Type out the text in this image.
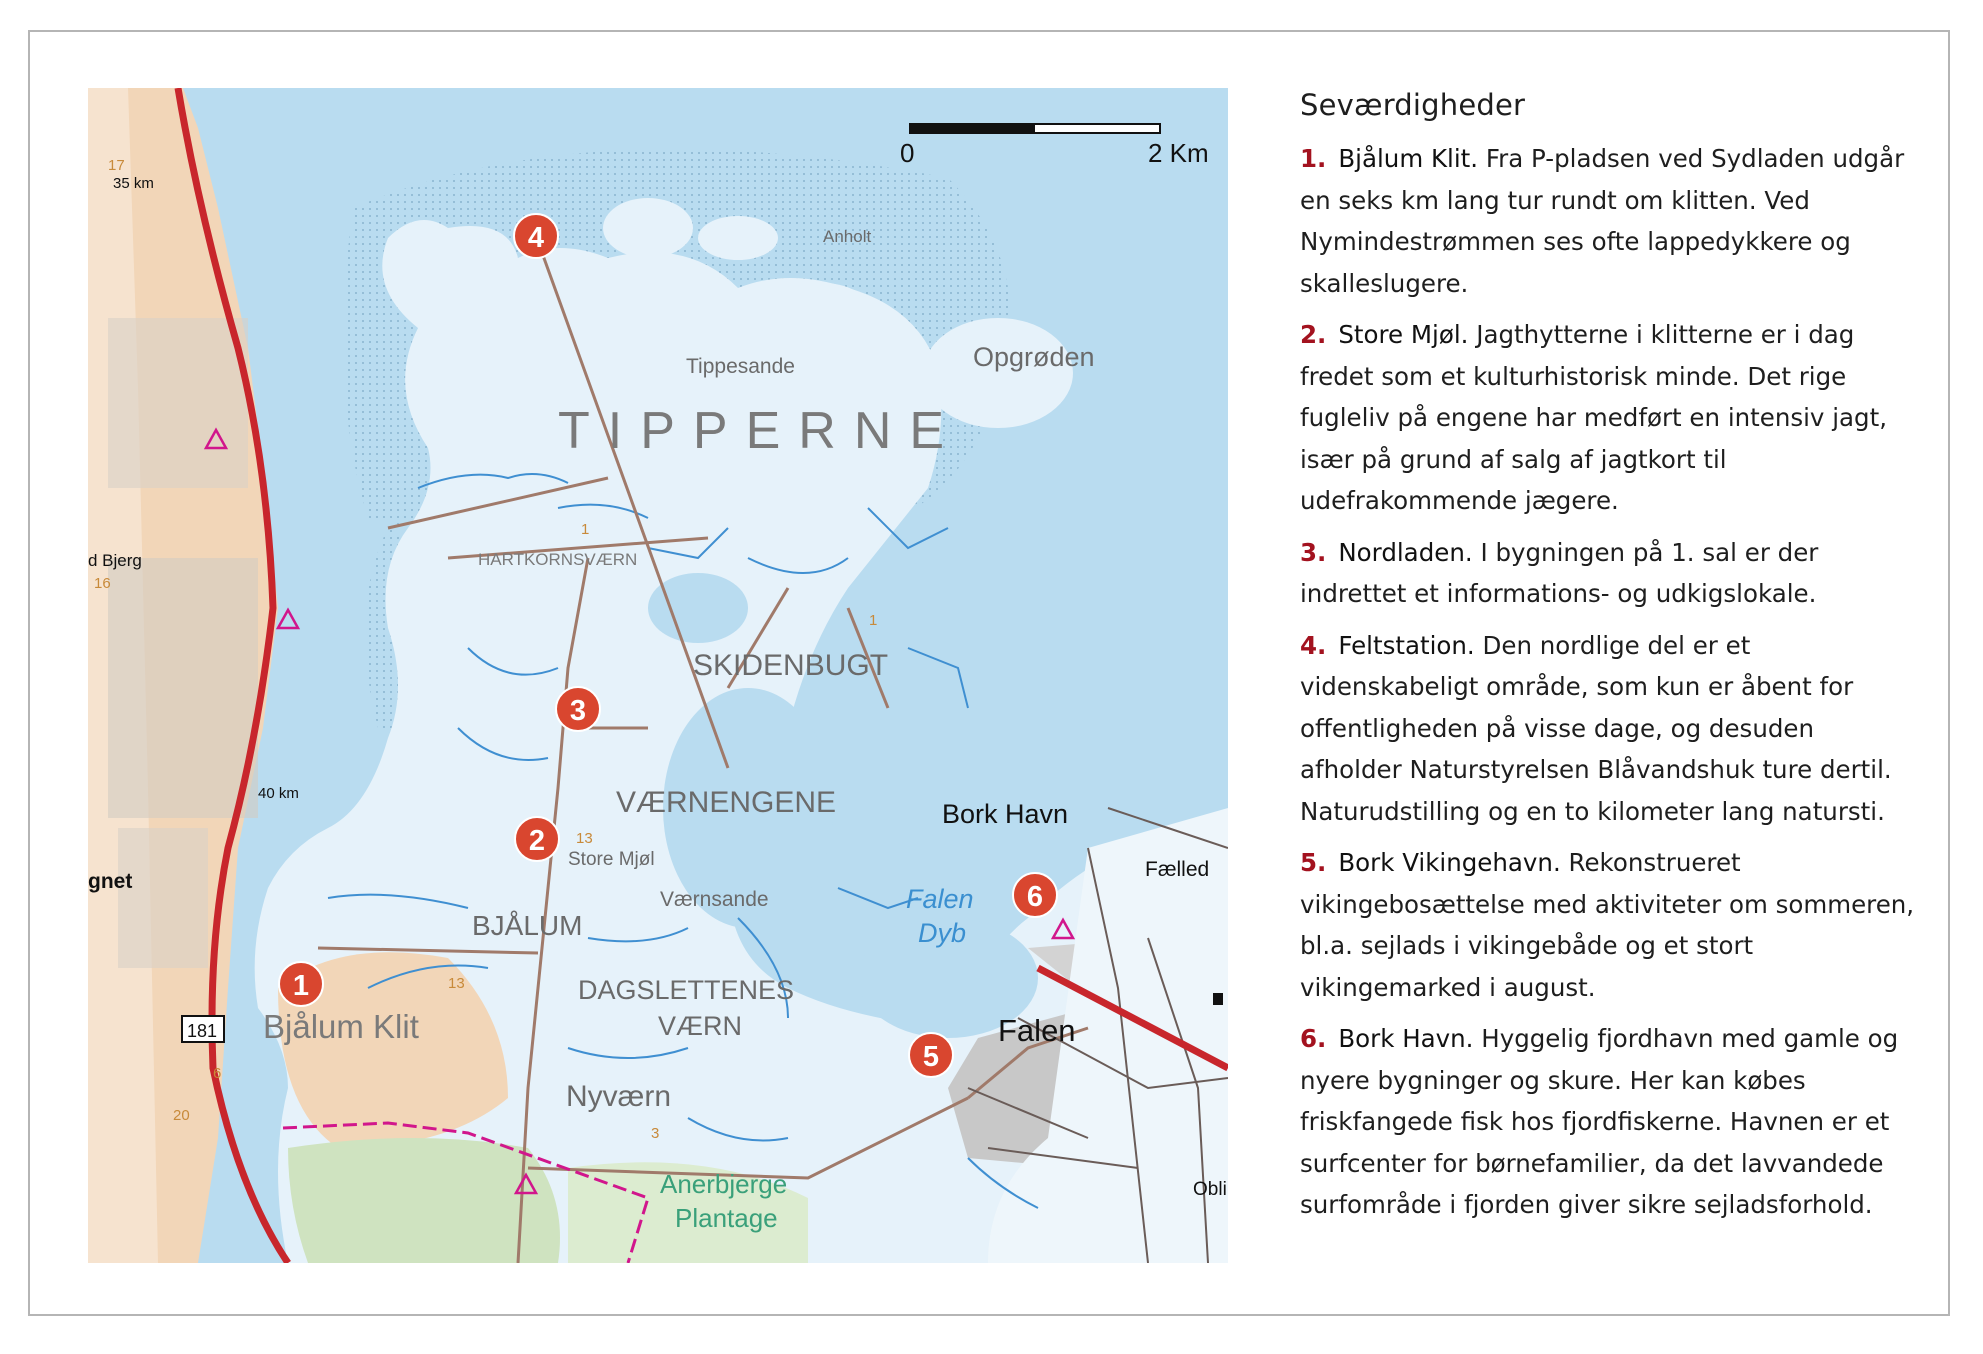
0	2 Km
TIPPERNE
Anholt
Tippesande	Opgrøden
HARTKORNSVÆRN
SKIDENBUGT
VÆRNENGENE
Store Mjøl
Værnsande
BJÅLUM
Bjålum Klit
DAGSLETTENES
VÆRN
Nyværn
Anerbjerge
Plantage
Bork Havn
Fælled
Falen
Dyb
Falen
Obli
d Bjerg
gnet
35 km
40 km
181
17
16
6
20
13
13
1
1
3
1
2
3
4
5
6
Seværdigheder
1. Bjålum Klit. Fra P-pladsen ved Sydladen udgår en seks km lang tur rundt om klitten. Ved Nymindestrømmen ses ofte lappedykkere og skalleslugere.
2. Store Mjøl. Jagthytterne i klitterne er i dag fredet som et kulturhistorisk minde. Det rige fugleliv på engene har medført en intensiv jagt, især på grund af salg af jagtkort til udefrakommende jægere.
3. Nordladen. I bygningen på 1. sal er der indrettet et informations- og udkigslokale.
4. Feltstation. Den nordlige del er et videnskabeligt område, som kun er åbent for offentligheden på visse dage, og desuden afholder Naturstyrelsen Blåvandshuk ture dertil. Naturudstilling og en to kilometer lang natursti.
5. Bork Vikingehavn. Rekonstrueret vikingebosættelse med aktiviteter om sommeren, bl.a. sejlads i vikingebåde og et stort vikingemarked i august.
6. Bork Havn. Hyggelig fjordhavn med gamle og nyere bygninger og skure. Her kan købes friskfangede fisk hos fjordfiskerne. Havnen er et surfcenter for børnefamilier, da det lavvandede surfområde i fjorden giver sikre sejladsforhold.
